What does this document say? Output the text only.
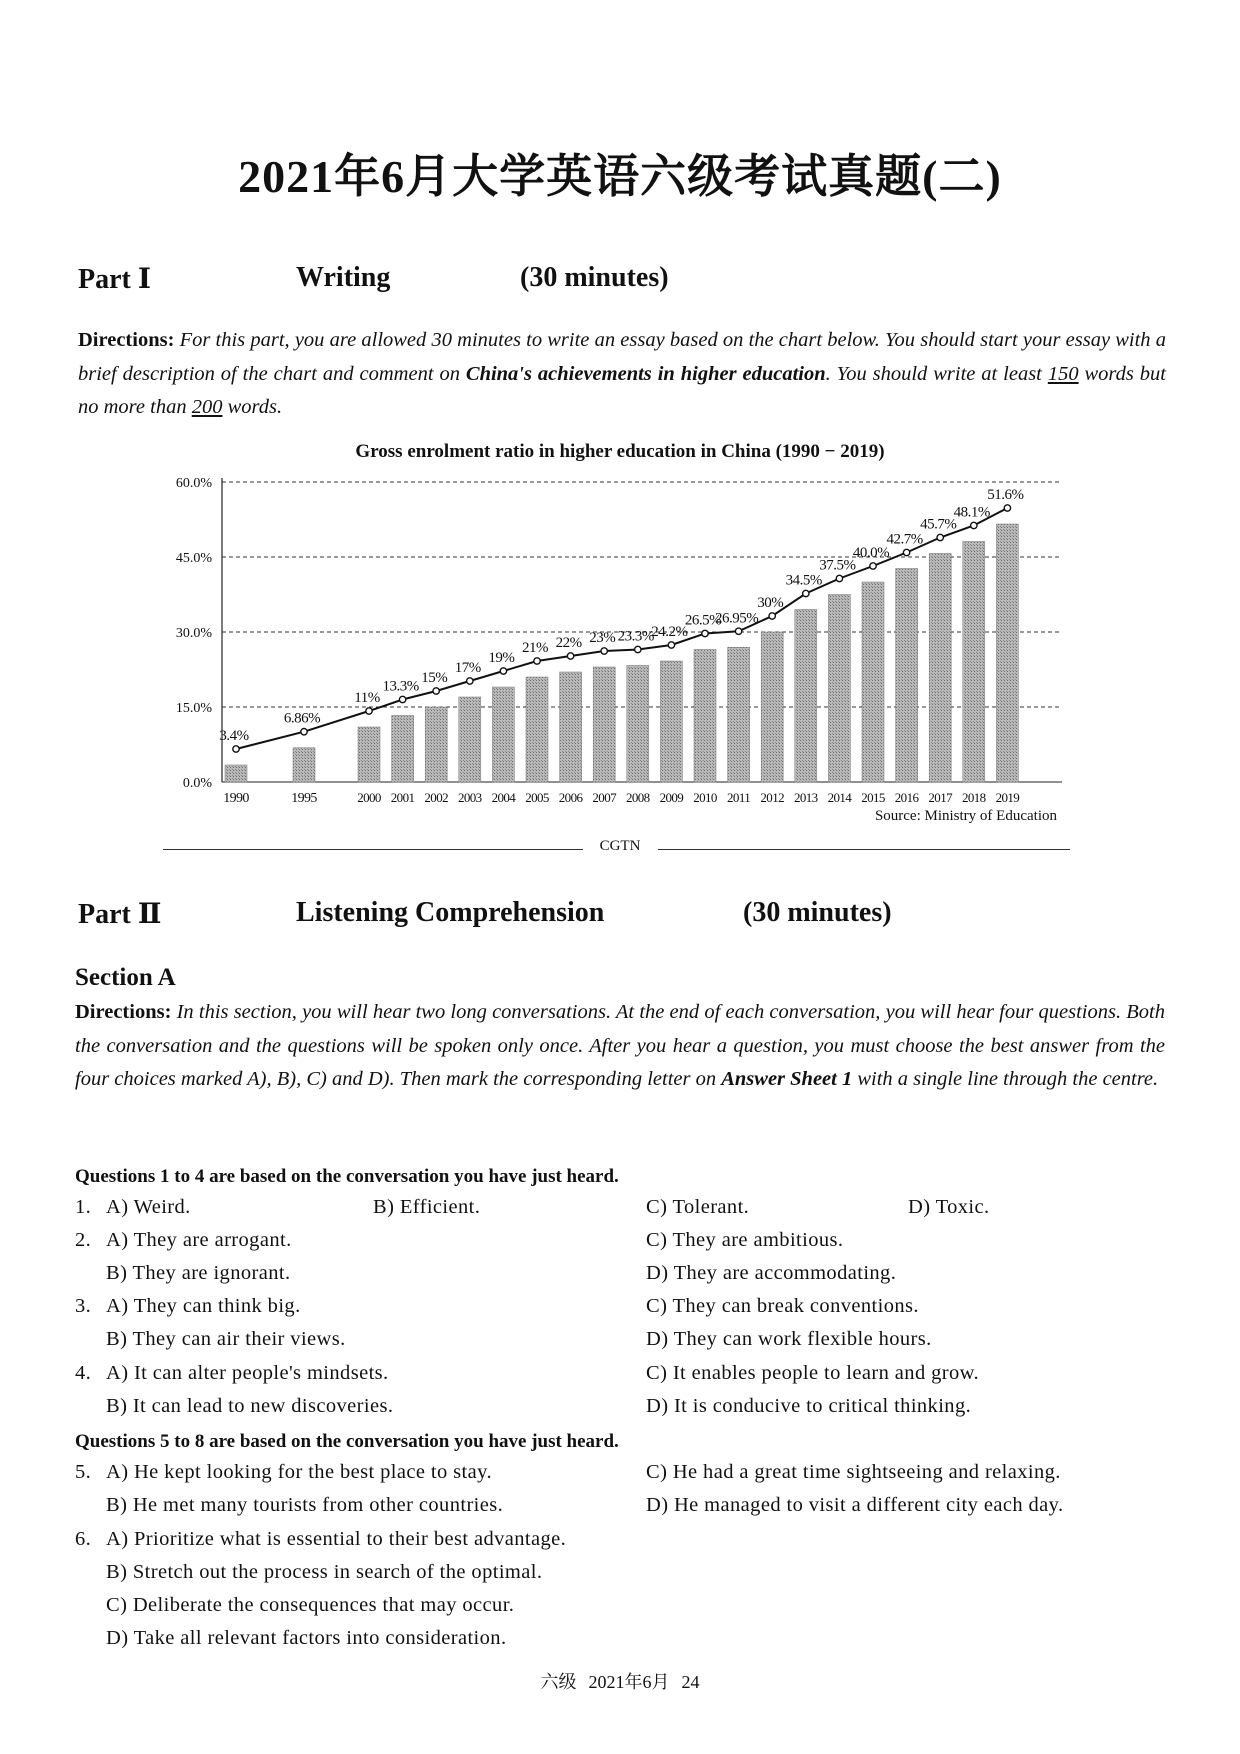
2021年6月大学英语六级考试真题(二)
Part Ⅰ	Writing	(30 minutes)
Directions: For this part, you are allowed 30 minutes to write an essay based on the chart below. You should start your essay with a brief description of the chart and comment on China's achievements in higher education. You should write at least 150 words but no more than 200 words.
Gross enrolment ratio in higher education in China (1990 − 2019)
0.0%
15.0%
30.0%
45.0%
60.0%
1990	1995	2000 2001 2002 2003 2004 2005 2006 2007 2008 2009 2010 2011 2012 2013 2014 2015 2016 2017 2018 2019
3.4%
6.86%
11%
13.3%
15%
17%
19%
21% 22% 23% 23.3%
24.2%
26.5%
26.95%
30%
34.5%
37.5%
40.0%
42.7%
45.7%
48.1%
51.6%
Source: Ministry of Education
CGTN
Part Ⅱ	Listening Comprehension	(30 minutes)
Section A
Directions: In this section, you will hear two long conversations. At the end of each conversation, you will hear four questions. Both the conversation and the questions will be spoken only once. After you hear a question, you must choose the best answer from the four choices marked A), B), C) and D). Then mark the corresponding letter on Answer Sheet 1 with a single line through the centre.
Questions 1 to 4 are based on the conversation you have just heard.
1. A) Weird.	B) Efficient.	C) Tolerant.	D) Toxic.
2. A) They are arrogant.	C) They are ambitious.
B) They are ignorant.	D) They are accommodating.
3. A) They can think big.	C) They can break conventions.
B) They can air their views.	D) They can work flexible hours.
4. A) It can alter people's mindsets.	C) It enables people to learn and grow.
B) It can lead to new discoveries.	D) It is conducive to critical thinking.
Questions 5 to 8 are based on the conversation you have just heard.
5. A) He kept looking for the best place to stay.	C) He had a great time sightseeing and relaxing.
B) He met many tourists from other countries.	D) He managed to visit a different city each day.
6. A) Prioritize what is essential to their best advantage.
B) Stretch out the process in search of the optimal.
C) Deliberate the consequences that may occur.
D) Take all relevant factors into consideration.
六级 2021年6月 24
